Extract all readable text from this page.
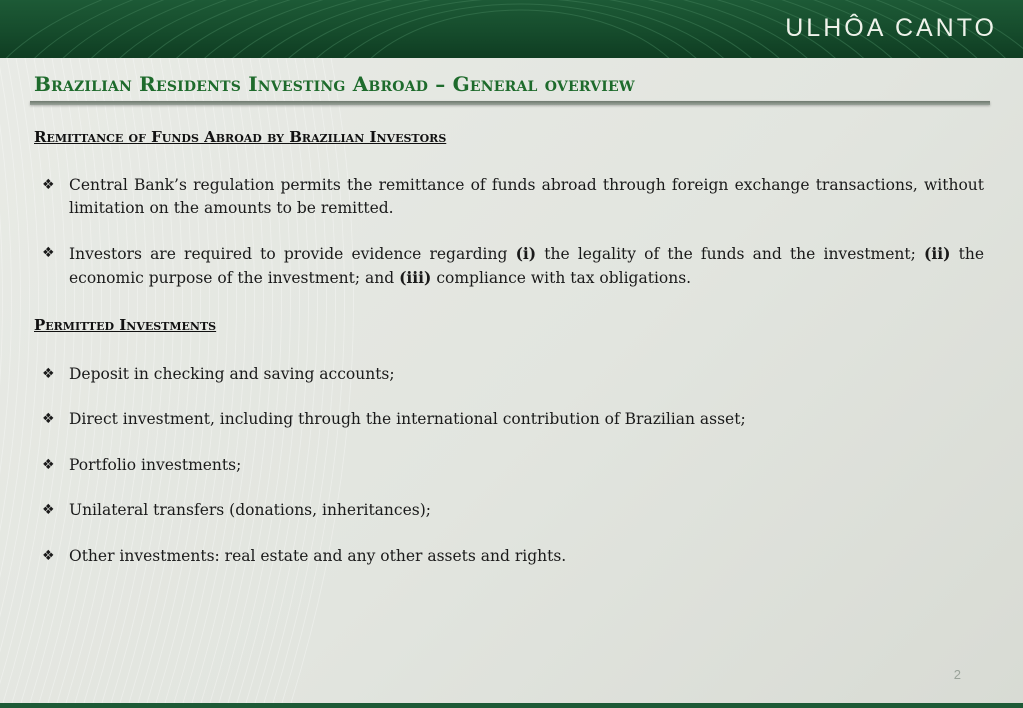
ULHÔA CANTO
Brazilian Residents Investing Abroad – General overview
Remittance of Funds Abroad by Brazilian Investors
❖ Central Bank’s regulation permits the remittance of funds abroad through foreign exchange transactions, without limitation on the amounts to be remitted.
❖ Investors are required to provide evidence regarding (i) the legality of the funds and the investment; (ii) the economic purpose of the investment; and (iii) compliance with tax obligations.
Permitted Investments
❖ Deposit in checking and saving accounts;
❖ Direct investment, including through the international contribution of Brazilian asset;
❖ Portfolio investments;
❖ Unilateral transfers (donations, inheritances);
❖ Other investments: real estate and any other assets and rights.
2
